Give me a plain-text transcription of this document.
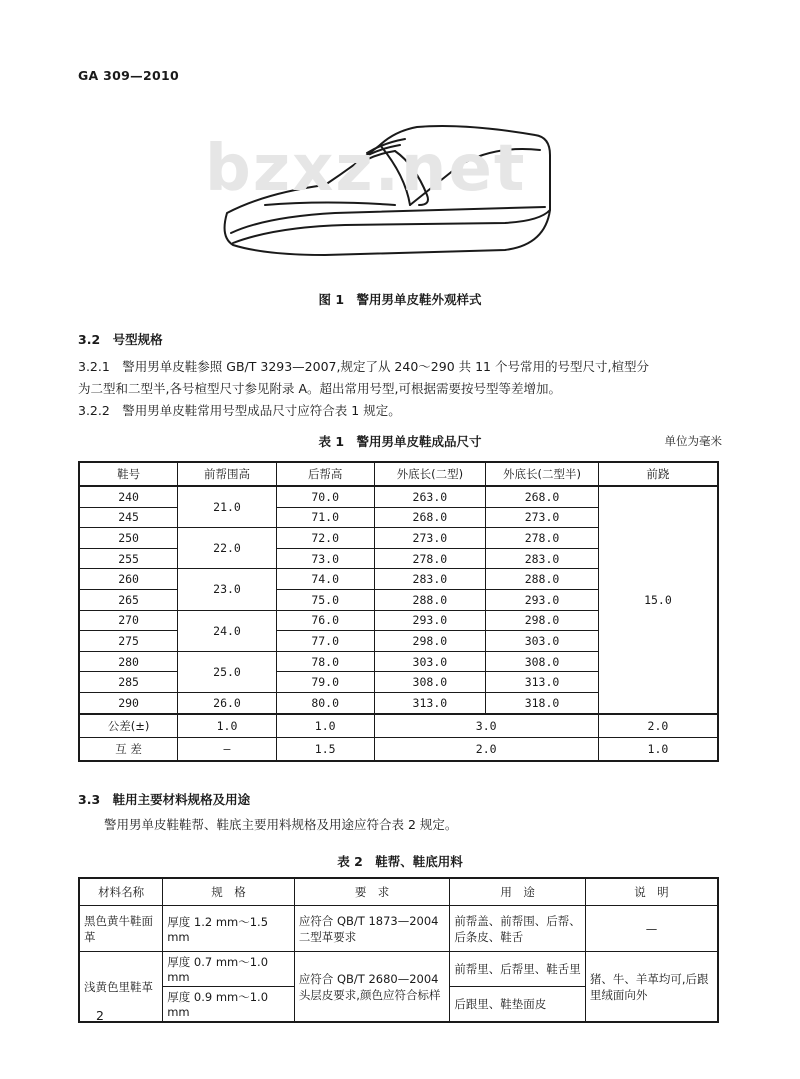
GA 309—2010
bzxz.net
图 1　警用男单皮鞋外观样式
3.2　号型规格
3.2.1　警用男单皮鞋参照 GB/T 3293—2007,规定了从 240～290 共 11 个号常用的号型尺寸,楦型分
为二型和二型半,各号楦型尺寸参见附录 A。超出常用号型,可根据需要按号型等差增加。
3.2.2　警用男单皮鞋常用号型成品尺寸应符合表 1 规定。
表 1　警用男单皮鞋成品尺寸	单位为毫米
鞋号	前帮围高	后帮高	外底长(二型)	外底长(二型半)	前跷
240	21.0	70.0	263.0	268.0	15.0
245		71.0	268.0	273.0	
250	22.0	72.0	273.0	278.0	
255		73.0	278.0	283.0	
260	23.0	74.0	283.0	288.0	
265		75.0	288.0	293.0	
270	24.0	76.0	293.0	298.0	
275		77.0	298.0	303.0	
280	25.0	78.0	303.0	308.0	
285		79.0	308.0	313.0	
290	26.0	80.0	313.0	318.0	
公差(±)	1.0	1.0	3.0		2.0
互 差	—	1.5	2.0		1.0
3.3　鞋用主要材料规格及用途
警用男单皮鞋鞋帮、鞋底主要用料规格及用途应符合表 2 规定。
表 2　鞋帮、鞋底用料
材料名称	规　格	要　求	用　途	说　明
黑色黄牛鞋面革	厚度 1.2 mm～1.5 mm	应符合 QB/T 1873—2004 二型革要求	前帮盖、前帮围、后帮、后条皮、鞋舌	—
浅黄色里鞋革	厚度 0.7 mm～1.0 mm	应符合 QB/T 2680—2004 头层皮要求,颜色应符合标样	前帮里、后帮里、鞋舌里	猪、牛、羊革均可,后跟里绒面向外
	厚度 0.9 mm～1.0 mm		后跟里、鞋垫面皮	
2
